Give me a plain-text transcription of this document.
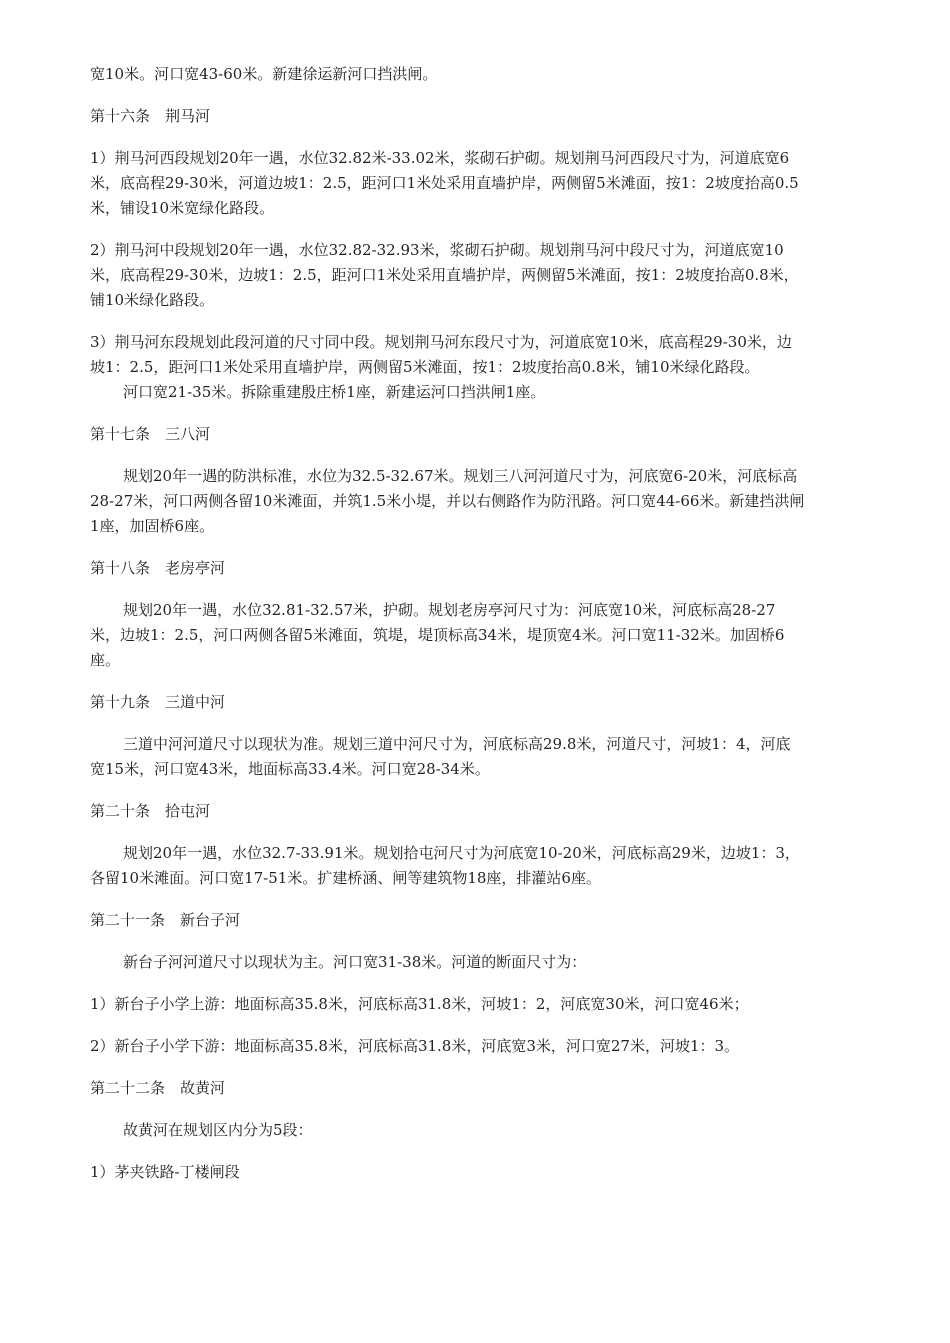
宽10米。河口宽43-60米。新建徐运新河口挡洪闸。

第十六条　荆马河

1）荆马河西段规划20年一遇，水位32.82米-33.02米，浆砌石护砌。规划荆马河西段尺寸为，河道底宽6米，底高程29-30米，河道边坡1：2.5，距河口1米处采用直墙护岸，两侧留5米滩面，按1：2坡度抬高0.5米，铺设10米宽绿化路段。

2）荆马河中段规划20年一遇，水位32.82-32.93米，浆砌石护砌。规划荆马河中段尺寸为，河道底宽10米，底高程29-30米，边坡1：2.5，距河口1米处采用直墙护岸，两侧留5米滩面，按1：2坡度抬高0.8米，铺10米绿化路段。

3）荆马河东段规划此段河道的尺寸同中段。规划荆马河东段尺寸为，河道底宽10米，底高程29-30米，边坡1：2.5，距河口1米处采用直墙护岸，两侧留5米滩面，按1：2坡度抬高0.8米，铺10米绿化路段。

河口宽21-35米。拆除重建殷庄桥1座，新建运河口挡洪闸1座。

第十七条　三八河

规划20年一遇的防洪标准，水位为32.5-32.67米。规划三八河河道尺寸为，河底宽6-20米，河底标高28-27米，河口两侧各留10米滩面，并筑1.5米小堤，并以右侧路作为防汛路。河口宽44-66米。新建挡洪闸1座，加固桥6座。

第十八条　老房亭河

规划20年一遇，水位32.81-32.57米，护砌。规划老房亭河尺寸为：河底宽10米，河底标高28-27米，边坡1：2.5，河口两侧各留5米滩面，筑堤，堤顶标高34米，堤顶宽4米。河口宽11-32米。加固桥6座。

第十九条　三道中河

三道中河河道尺寸以现状为准。规划三道中河尺寸为，河底标高29.8米，河道尺寸，河坡1：4，河底宽15米，河口宽43米，地面标高33.4米。河口宽28-34米。

第二十条　拾屯河

规划20年一遇，水位32.7-33.91米。规划拾屯河尺寸为河底宽10-20米，河底标高29米，边坡1：3，各留10米滩面。河口宽17-51米。扩建桥涵、闸等建筑物18座，排灌站6座。

第二十一条　新台子河

新台子河河道尺寸以现状为主。河口宽31-38米。河道的断面尺寸为：

1）新台子小学上游：地面标高35.8米，河底标高31.8米，河坡1：2，河底宽30米，河口宽46米；

2）新台子小学下游：地面标高35.8米，河底标高31.8米，河底宽3米，河口宽27米，河坡1：3。

第二十二条　故黄河

故黄河在规划区内分为5段：

1）茅夹铁路-丁楼闸段
